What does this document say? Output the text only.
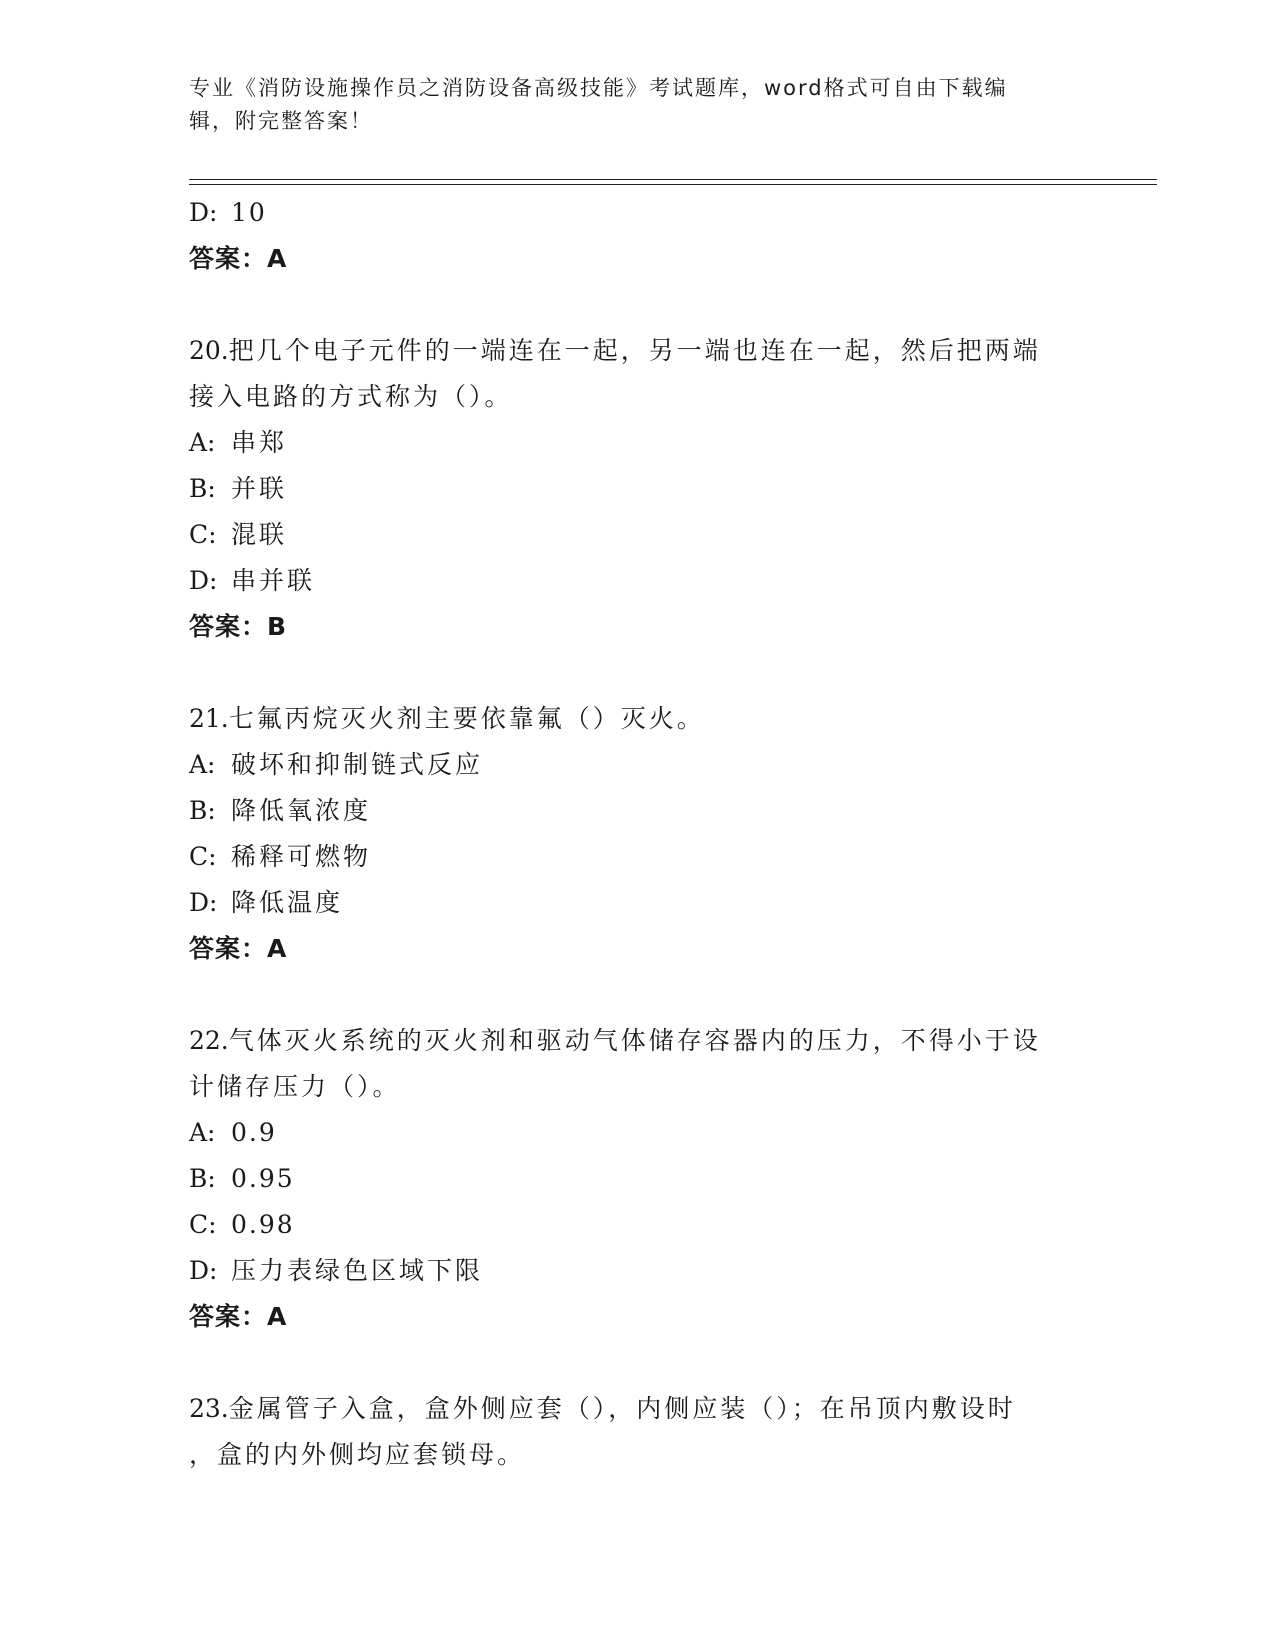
专业《消防设施操作员之消防设备高级技能》考试题库，word格式可自由下载编
辑，附完整答案！
D: 10
答案：A
20.把几个电子元件的一端连在一起，另一端也连在一起，然后把两端
接入电路的方式称为（）。
A: 串郑
B: 并联
C: 混联
D: 串并联
答案：B
21.七氟丙烷灭火剂主要依靠氟（）灭火。
A: 破坏和抑制链式反应
B: 降低氧浓度
C: 稀释可燃物
D: 降低温度
答案：A
22.气体灭火系统的灭火剂和驱动气体储存容器内的压力，不得小于设
计储存压力（）。
A: 0.9
B: 0.95
C: 0.98
D: 压力表绿色区域下限
答案：A
23.金属管子入盒，盒外侧应套（），内侧应装（）；在吊顶内敷设时
，盒的内外侧均应套锁母。
